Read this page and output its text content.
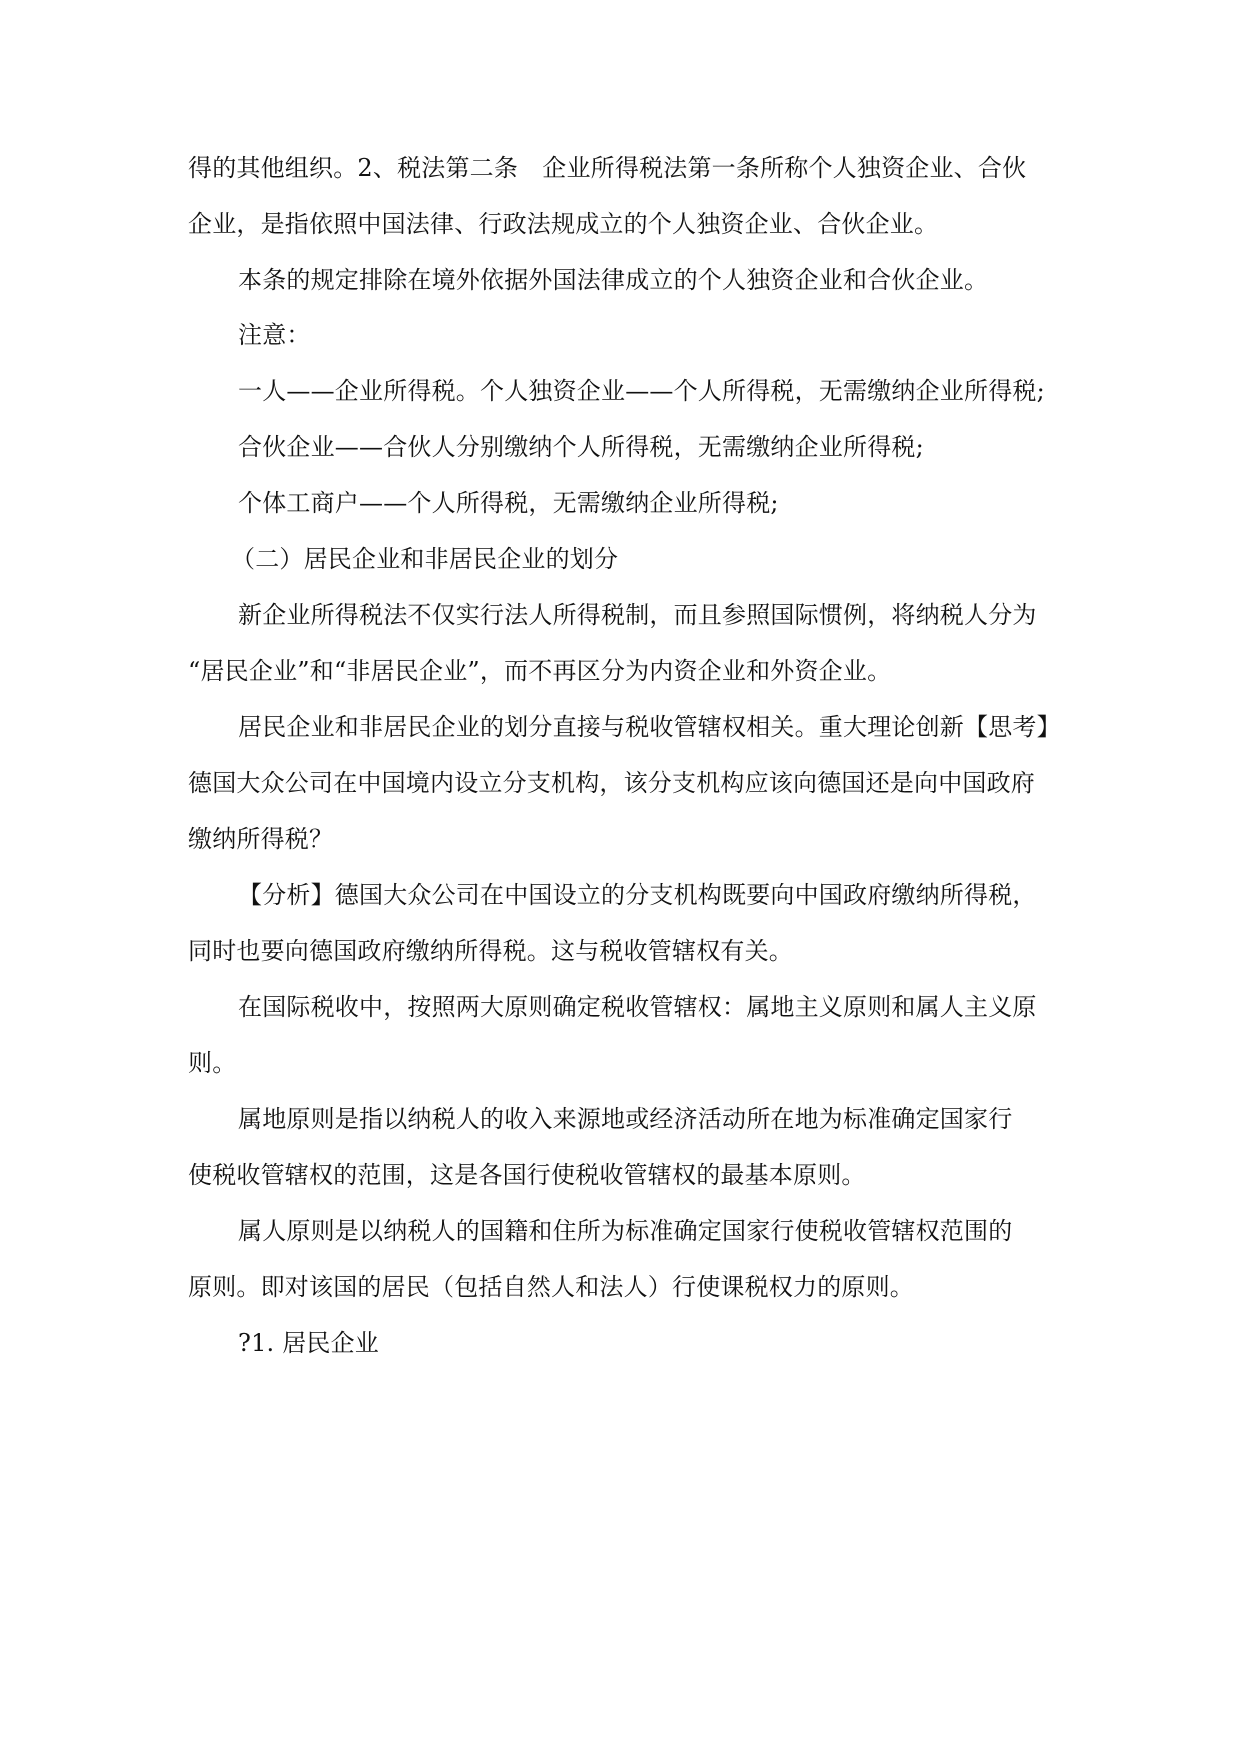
得的其他组织。2、税法第二条　企业所得税法第一条所称个人独资企业、合伙
企业，是指依照中国法律、行政法规成立的个人独资企业、合伙企业。
本条的规定排除在境外依据外国法律成立的个人独资企业和合伙企业。
注意：
一人——企业所得税。个人独资企业——个人所得税，无需缴纳企业所得税;
合伙企业——合伙人分别缴纳个人所得税，无需缴纳企业所得税;
个体工商户——个人所得税，无需缴纳企业所得税;
（二）居民企业和非居民企业的划分
新企业所得税法不仅实行法人所得税制，而且参照国际惯例，将纳税人分为
“居民企业”和“非居民企业”，而不再区分为内资企业和外资企业。
居民企业和非居民企业的划分直接与税收管辖权相关。重大理论创新【思考】
德国大众公司在中国境内设立分支机构，该分支机构应该向德国还是向中国政府
缴纳所得税？
【分析】德国大众公司在中国设立的分支机构既要向中国政府缴纳所得税，
同时也要向德国政府缴纳所得税。这与税收管辖权有关。
在国际税收中，按照两大原则确定税收管辖权：属地主义原则和属人主义原
则。
属地原则是指以纳税人的收入来源地或经济活动所在地为标准确定国家行
使税收管辖权的范围，这是各国行使税收管辖权的最基本原则。
属人原则是以纳税人的国籍和住所为标准确定国家行使税收管辖权范围的
原则。即对该国的居民（包括自然人和法人）行使课税权力的原则。
?1. 居民企业
